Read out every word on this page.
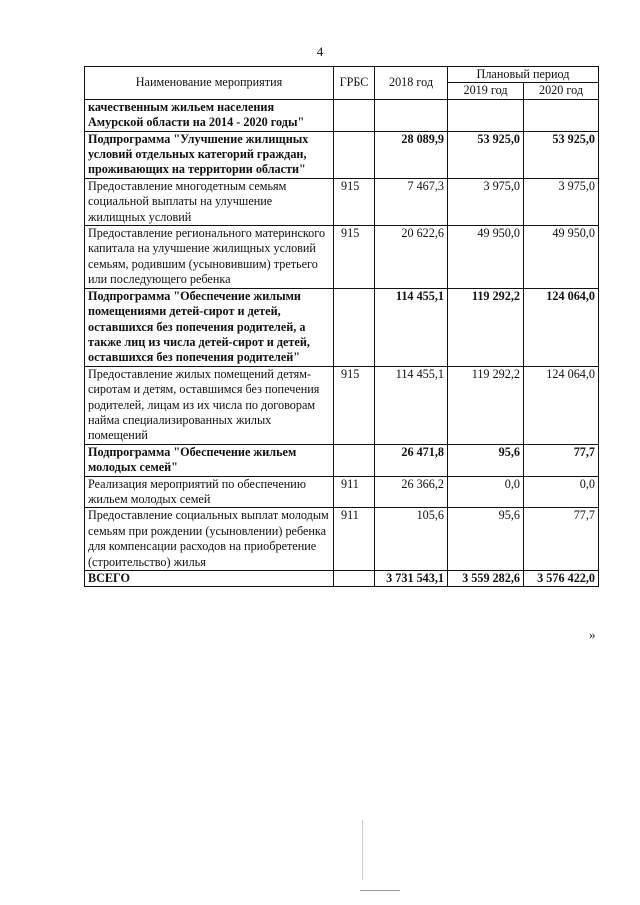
4
Наименование мероприятия	ГРБС	2018 год	Плановый период	
			2019 год	2020 год
качественным жильем населения Амурской области на 2014 - 2020 годы"				
Подпрограмма "Улучшение жилищных условий отдельных категорий граждан, проживающих на территории области"		28 089,9	53 925,0	53 925,0
Предоставление многодетным семьям социальной выплаты на улучшение жилищных условий	915	7 467,3	3 975,0	3 975,0
Предоставление регионального материнского капитала на улучшение жилищных условий семьям, родившим (усыновившим) третьего или последующего ребенка	915	20 622,6	49 950,0	49 950,0
Подпрограмма "Обеспечение жилыми помещениями детей-сирот и детей, оставшихся без попечения родителей, а также лиц из числа детей-сирот и детей, оставшихся без попечения родителей"		114 455,1	119 292,2	124 064,0
Предоставление жилых помещений детям-сиротам и детям, оставшимся без попечения родителей, лицам из их числа по договорам найма специализированных жилых помещений	915	114 455,1	119 292,2	124 064,0
Подпрограмма "Обеспечение жильем молодых семей"		26 471,8	95,6	77,7
Реализация мероприятий по обеспечению жильем молодых семей	911	26 366,2	0,0	0,0
Предоставление социальных выплат молодым семьям при рождении (усыновлении) ребенка для компенсации расходов на приобретение (строительство) жилья	911	105,6	95,6	77,7
ВСЕГО		3 731 543,1	3 559 282,6	3 576 422,0
»
